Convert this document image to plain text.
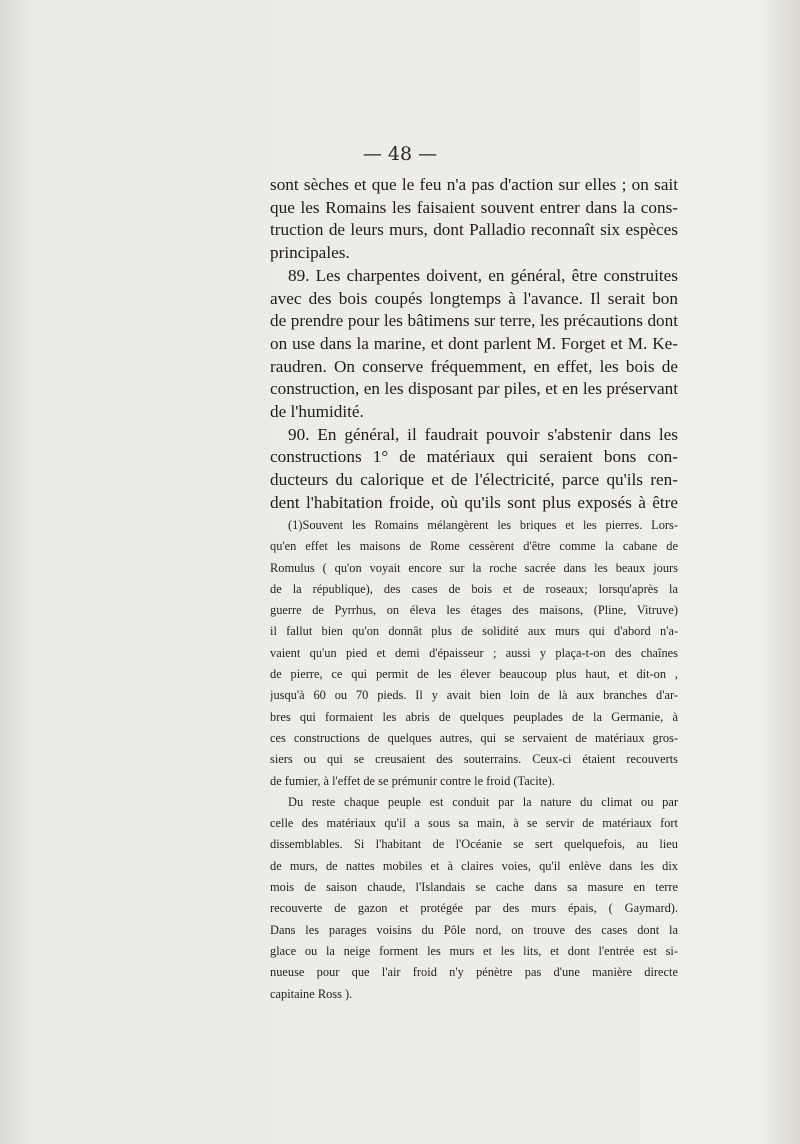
— 48 —
sont sèches et que le feu n'a pas d'action sur elles ; on sait
que les Romains les faisaient souvent entrer dans la cons-
truction de leurs murs, dont Palladio reconnaît six espèces
principales.
89. Les charpentes doivent, en général, être construites
avec des bois coupés longtemps à l'avance. Il serait bon
de prendre pour les bâtimens sur terre, les précautions dont
on use dans la marine, et dont parlent M. Forget et M. Ke-
raudren. On conserve fréquemment, en effet, les bois de
construction, en les disposant par piles, et en les préservant
de l'humidité.
90. En général, il faudrait pouvoir s'abstenir dans les
constructions 1° de matériaux qui seraient bons con-
ducteurs du calorique et de l'électricité, parce qu'ils ren-
dent l'habitation froide, où qu'ils sont plus exposés à être
(1)Souvent les Romains mélangèrent les briques et les pierres. Lors-
qu'en effet les maisons de Rome cessèrent d'être comme la cabane de
Romulus ( qu'on voyait encore sur la roche sacrée dans les beaux jours
de la république), des cases de bois et de roseaux; lorsqu'après la
guerre de Pyrrhus, on éleva les étages des maisons, (Pline, Vitruve)
il fallut bien qu'on donnât plus de solidité aux murs qui d'abord n'a-
vaient qu'un pied et demi d'épaisseur ; aussi y plaça-t-on des chaînes
de pierre, ce qui permit de les élever beaucoup plus haut, et dit-on ,
jusqu'à 60 ou 70 pieds. Il y avait bien loin de là aux branches d'ar-
bres qui formaient les abris de quelques peuplades de la Germanie, à
ces constructions de quelques autres, qui se servaient de matériaux gros-
siers ou qui se creusaient des souterrains. Ceux-ci étaient recouverts
de fumier, à l'effet de se prémunir contre le froid (Tacite).
Du reste chaque peuple est conduit par la nature du climat ou par
celle des matériaux qu'il a sous sa main, à se servir de matériaux fort
dissemblables. Si l'habitant de l'Océanie se sert quelquefois, au lieu
de murs, de nattes mobiles et à claires voies, qu'il enlève dans les dix
mois de saison chaude, l'Islandais se cache dans sa masure en terre
recouverte de gazon et protégée par des murs épais, ( Gaymard).
Dans les parages voisins du Pôle nord, on trouve des cases dont la
glace ou la neige forment les murs et les lits, et dont l'entrée est si-
nueuse pour que l'air froid n'y pénètre pas d'une manière directe
capitaine Ross ).
